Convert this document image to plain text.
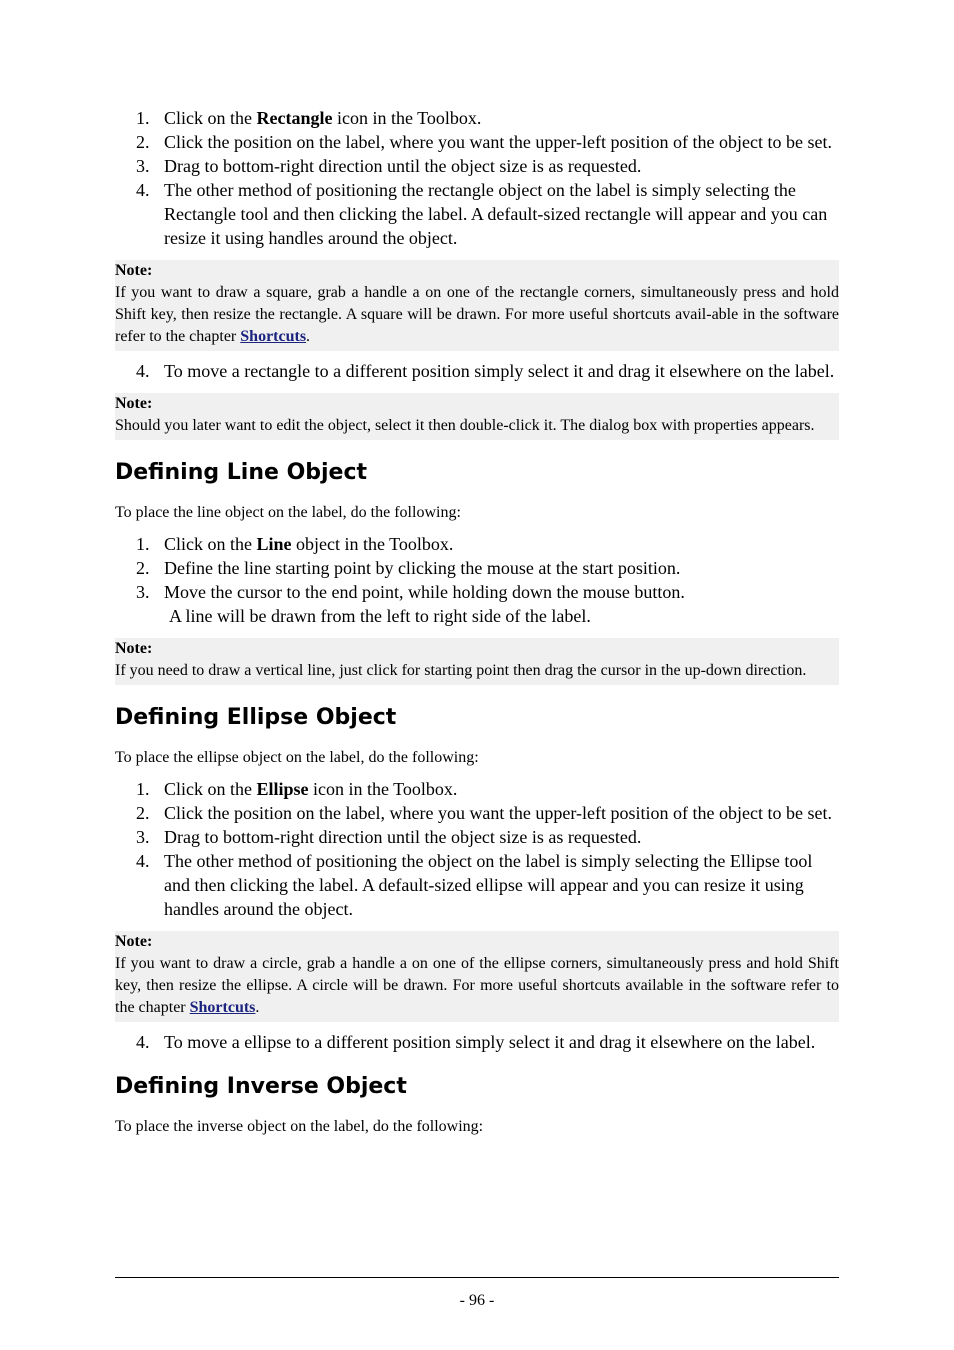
1. Click on the Rectangle icon in the Toolbox.
2. Click the position on the label, where you want the upper-left position of the object to be set.
3. Drag to bottom-right direction until the object size is as requested.
4. The other method of positioning the rectangle object on the label is simply selecting the Rectangle tool and then clicking the label. A default-sized rectangle will appear and you can resize it using handles around the object.
Note:
If you want to draw a square, grab a handle a on one of the rectangle corners, simultaneously press and hold Shift key, then resize the rectangle. A square will be drawn. For more useful shortcuts avail-able in the software refer to the chapter Shortcuts.
4. To move a rectangle to a different position simply select it and drag it elsewhere on the label.
Note:
Should you later want to edit the object, select it then double-click it. The dialog box with properties appears.
Defining Line Object

To place the line object on the label, do the following:

1. Click on the Line object in the Toolbox.
2. Define the line starting point by clicking the mouse at the start position.
3. Move the cursor to the end point, while holding down the mouse button.
A line will be drawn from the left to right side of the label.
Note:
If you need to draw a vertical line, just click for starting point then drag the cursor in the up-down direction.
Defining Ellipse Object

To place the ellipse object on the label, do the following:

1. Click on the Ellipse icon in the Toolbox.
2. Click the position on the label, where you want the upper-left position of the object to be set.
3. Drag to bottom-right direction until the object size is as requested.
4. The other method of positioning the object on the label is simply selecting the Ellipse tool and then clicking the label. A default-sized ellipse will appear and you can resize it using handles around the object.
Note:
If you want to draw a circle, grab a handle a on one of the ellipse corners, simultaneously press and hold Shift key, then resize the ellipse. A circle will be drawn. For more useful shortcuts available in the software refer to the chapter Shortcuts.
4. To move a ellipse to a different position simply select it and drag it elsewhere on the label.
Defining Inverse Object

To place the inverse object on the label, do the following:

- 96 -
